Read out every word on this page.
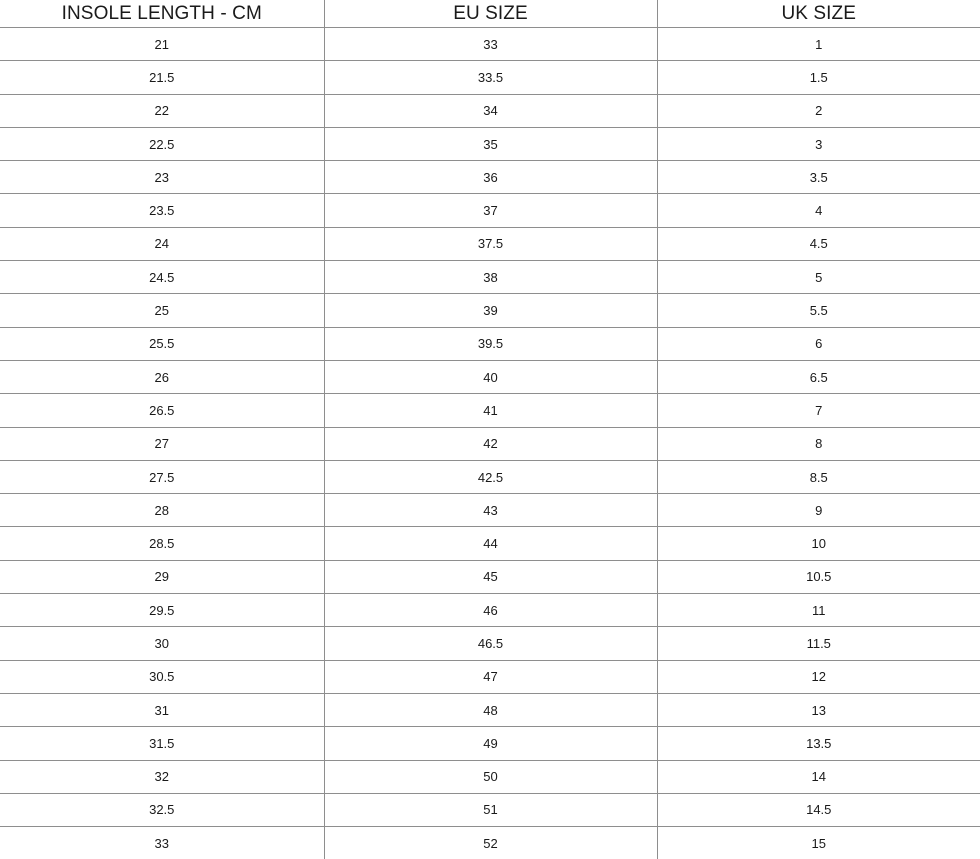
INSOLE LENGTH - CM	EU SIZE	UK SIZE
21	33	1
21.5	33.5	1.5
22	34	2
22.5	35	3
23	36	3.5
23.5	37	4
24	37.5	4.5
24.5	38	5
25	39	5.5
25.5	39.5	6
26	40	6.5
26.5	41	7
27	42	8
27.5	42.5	8.5
28	43	9
28.5	44	10
29	45	10.5
29.5	46	11
30	46.5	11.5
30.5	47	12
31	48	13
31.5	49	13.5
32	50	14
32.5	51	14.5
33	52	15
